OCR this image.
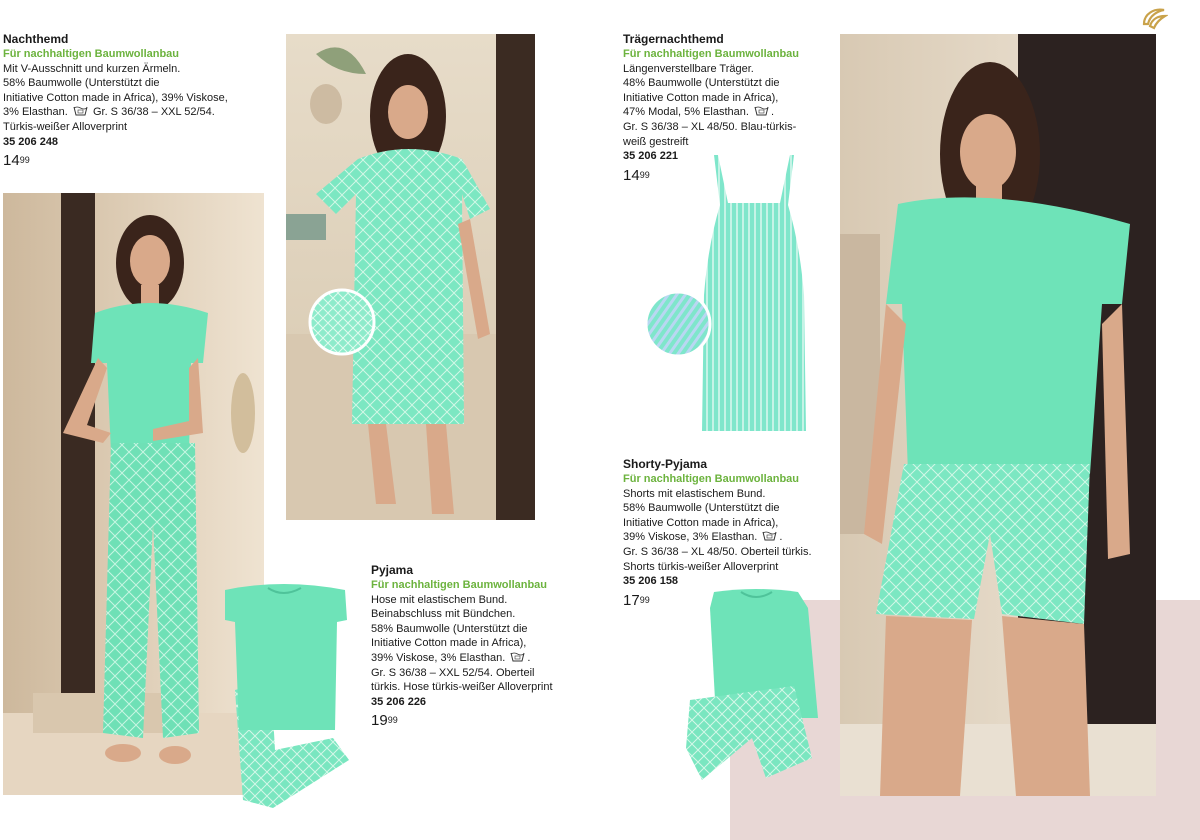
Nachthemd
Für nachhaltigen Baumwollanbau
Mit V-Ausschnitt und kurzen Ärmeln.
58% Baumwolle (Unterstützt die
Initiative Cotton made in Africa), 39% Viskose,
3% Elasthan. Gr. S 36/38 – XXL 52/54.
Türkis-weißer Alloverprint
35 206 248
$14^{99}$
Pyjama
Für nachhaltigen Baumwollanbau
Hose mit elastischem Bund.
Beinabschluss mit Bündchen.
58% Baumwolle (Unterstützt die
Initiative Cotton made in Africa),
39% Viskose, 3% Elasthan. .
Gr. S 36/38 – XXL 52/54. Oberteil
türkis. Hose türkis-weißer Alloverprint
35 206 226
$19^{99}$
Trägernachthemd
Für nachhaltigen Baumwollanbau
Längenverstellbare Träger.
48% Baumwolle (Unterstützt die
Initiative Cotton made in Africa),
47% Modal, 5% Elasthan. .
Gr. S 36/38 – XL 48/50. Blau-türkis-
weiß gestreift
35 206 221
$14^{99}$
Shorty-Pyjama
Für nachhaltigen Baumwollanbau
Shorts mit elastischem Bund.
58% Baumwolle (Unterstützt die
Initiative Cotton made in Africa),
39% Viskose, 3% Elasthan. .
Gr. S 36/38 – XL 48/50. Oberteil türkis.
Shorts türkis-weißer Alloverprint
35 206 158
$17^{99}$
